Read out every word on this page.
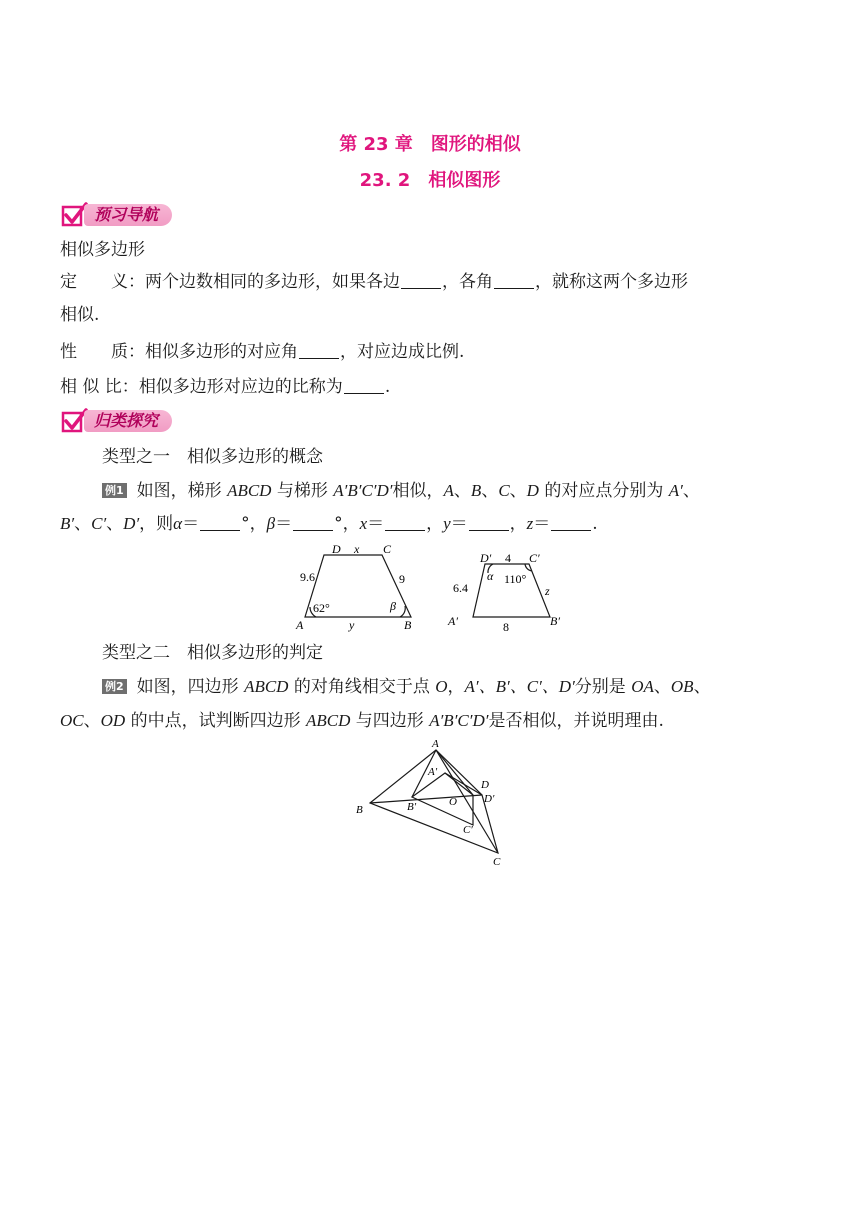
第 23 章　图形的相似
23. 2　相似图形
预习导航
相似多边形
定　　义：两个边数相同的多边形，如果各边 ，各角 ，就称这两个多边形
相似.
性　　质：相似多边形的对应角 ，对应边成比例.
相 似 比：相似多边形对应边的比称为 .
归类探究
类型之一　相似多边形的概念
例1 如图，梯形 ABCD 与梯形 A′B′C′D′相似，A、B、C、D 的对应点分别为 A′、
B′、C′、D′，则α＝ °，β＝ °，x＝ ，y＝ ，z＝ .
D x C
9.6	9
62°	β
A	y	B
D′ 4 C′
6.4
α 110°
z
A′	8	B′
类型之二　相似多边形的判定
例2 如图，四边形 ABCD 的对角线相交于点 O，A′、B′、C′、D′分别是 OA、OB、
OC、OD 的中点，试判断四边形 ABCD 与四边形 A′B′C′D′是否相似，并说明理由.
A
A′
D
D′
B	B′	O
C′
C
